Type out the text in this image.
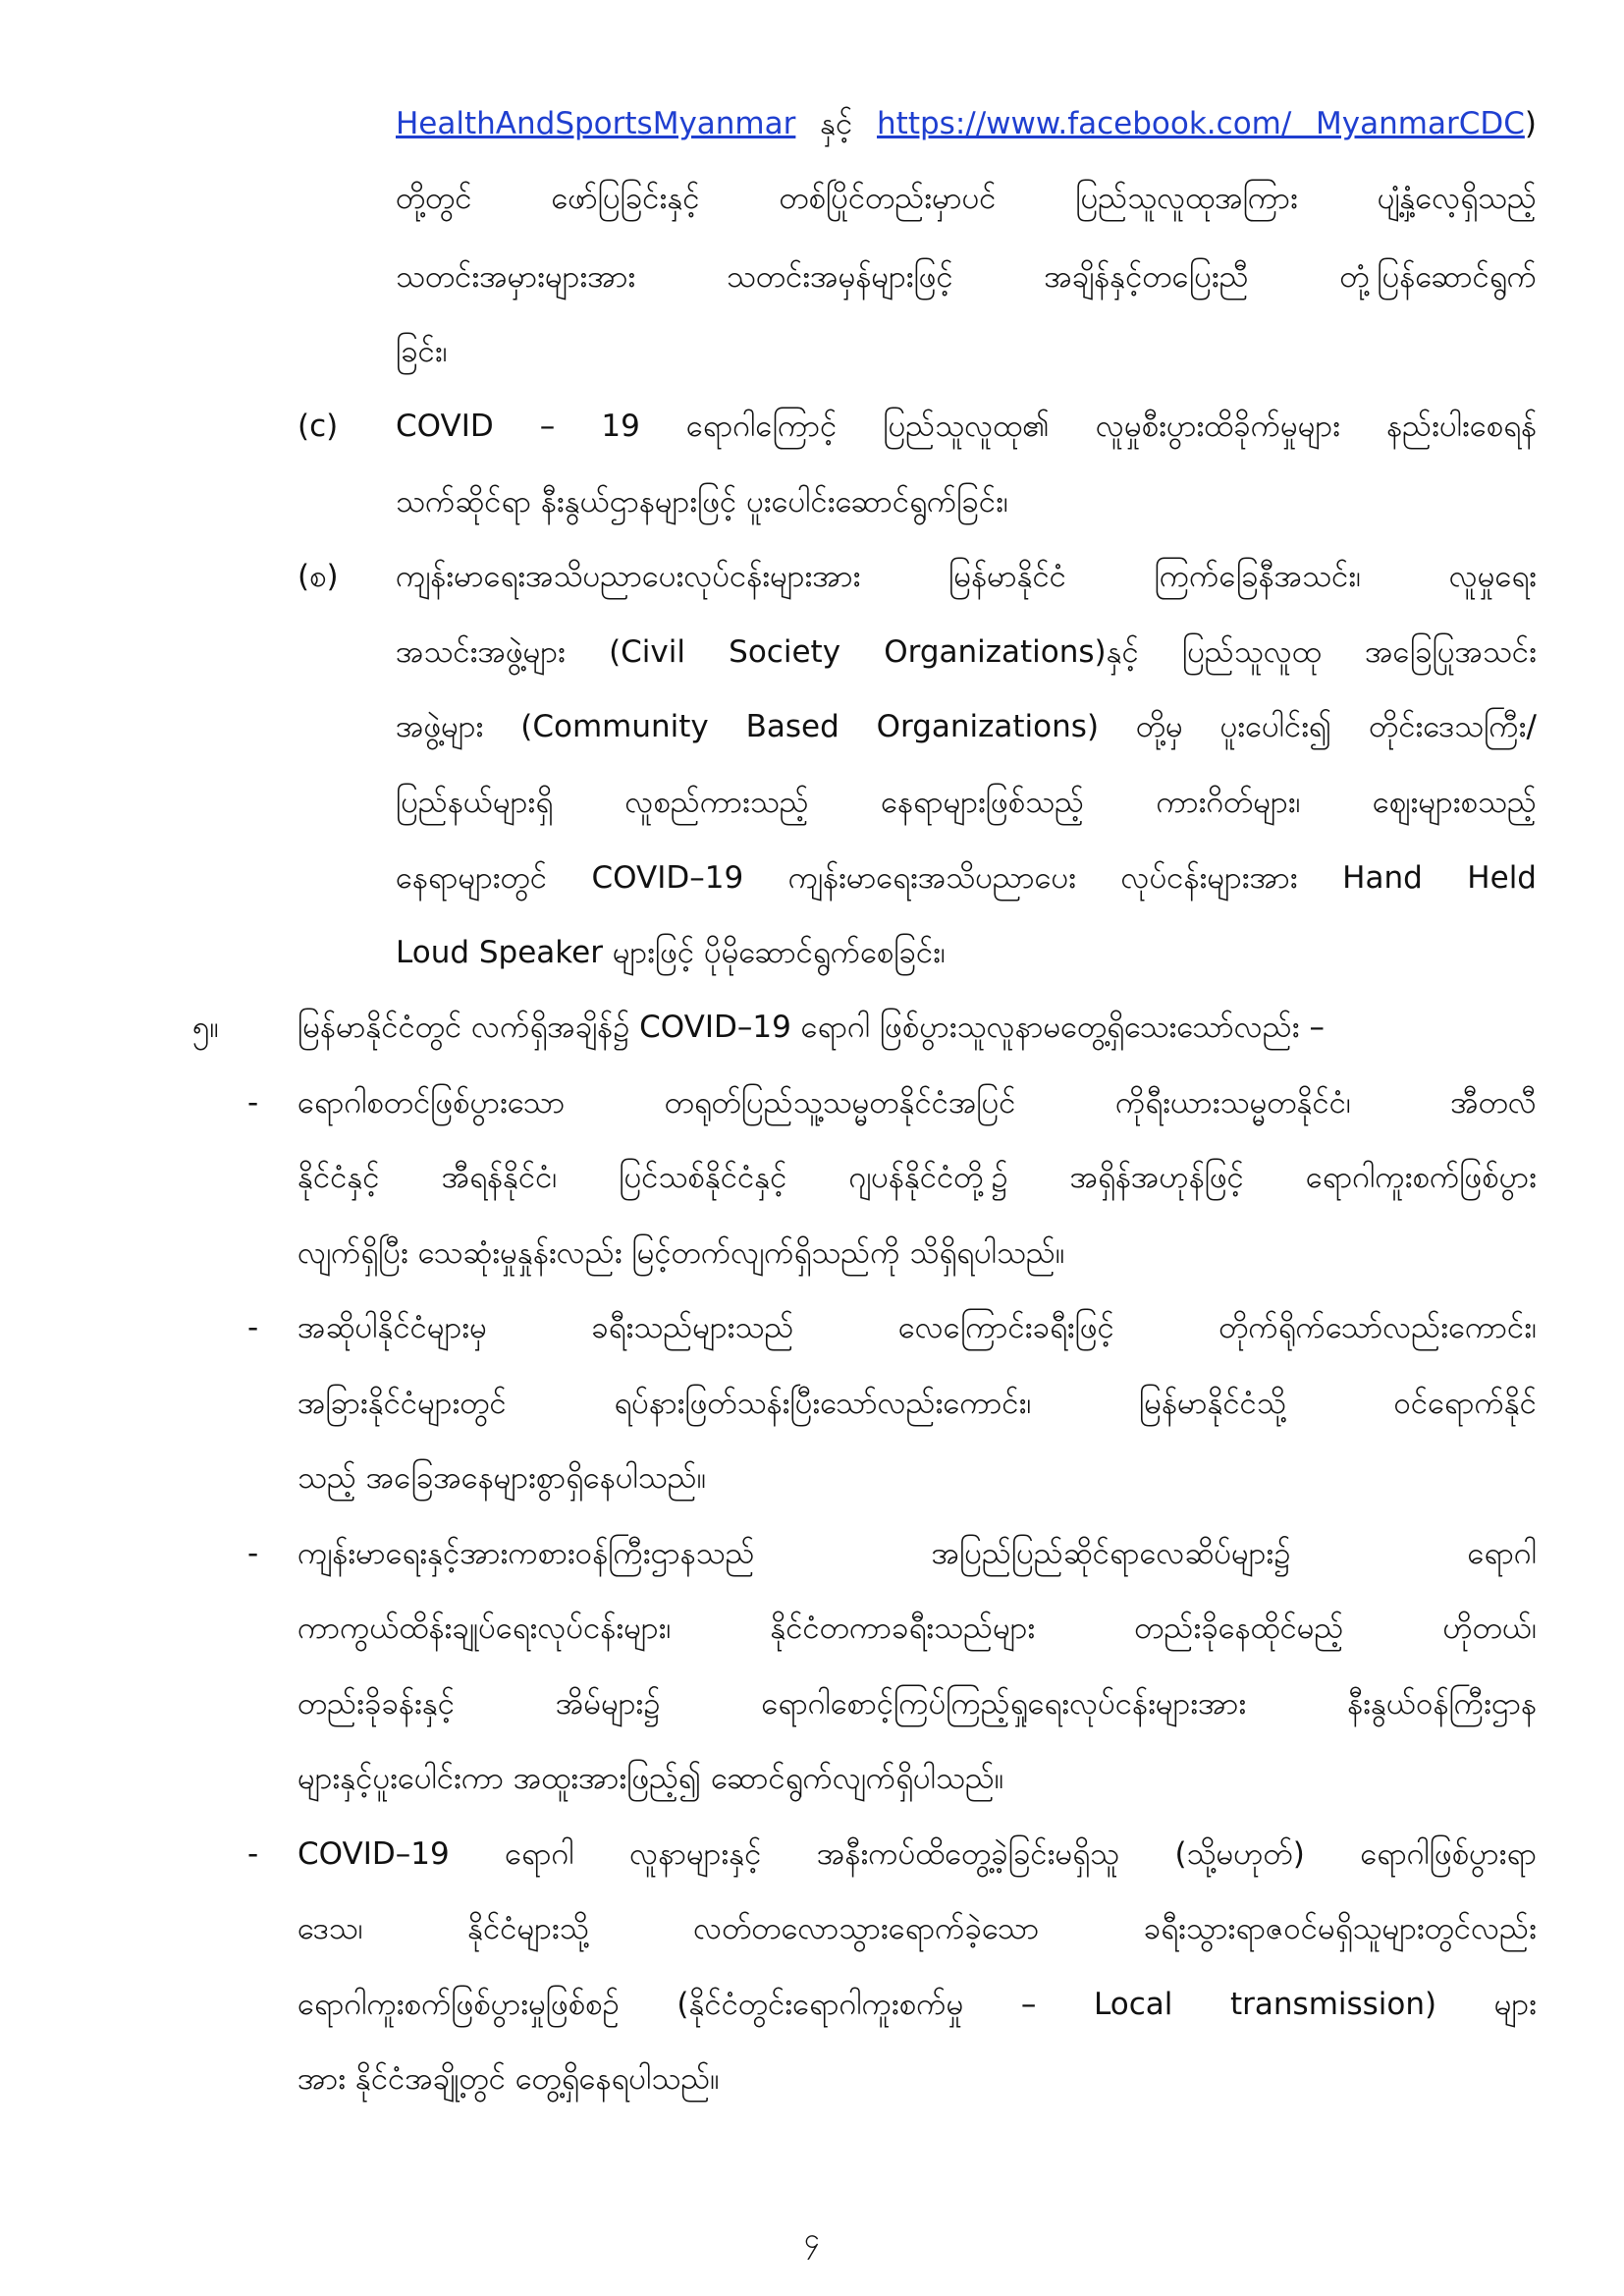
HealthAndSportsMyanmar နှင့် https://www.facebook.com/ MyanmarCDC)
တို့တွင် ဖော်ပြခြင်းနှင့် တစ်ပြိုင်တည်းမှာပင် ပြည်သူလူထုအကြား ပျံ့နှံ့လေ့ရှိသည့်
သတင်းအမှားများအား သတင်းအမှန်များဖြင့် အချိန်နှင့်တပြေးညီ တုံ့ပြန်ဆောင်ရွက်
ခြင်း၊
(c) COVID – 19 ရောဂါကြောင့် ပြည်သူလူထု၏ လူမှုစီးပွားထိခိုက်မှုများ နည်းပါးစေရန်
သက်ဆိုင်ရာ နီးနွယ်ဌာနများဖြင့် ပူးပေါင်းဆောင်ရွက်ခြင်း၊
(စ) ကျန်းမာရေးအသိပညာပေးလုပ်ငန်းများအား မြန်မာနိုင်ငံ ကြက်ခြေနီအသင်း၊ လူမှုရေး
အသင်းအဖွဲ့များ (Civil Society Organizations)နှင့် ပြည်သူလူထု အခြေပြုအသင်း
အဖွဲ့များ (Community Based Organizations) တို့မှ ပူးပေါင်း၍ တိုင်းဒေသကြီး/
ပြည်နယ်များရှိ လူစည်ကားသည့် နေရာများဖြစ်သည့် ကားဂိတ်များ၊ ဈေးများစသည့်
နေရာများတွင် COVID–19 ကျန်းမာရေးအသိပညာပေး လုပ်ငန်းများအား Hand Held
Loud Speaker များဖြင့် ပိုမိုဆောင်ရွက်စေခြင်း၊
၅။	မြန်မာနိုင်ငံတွင် လက်ရှိအချိန်၌ COVID–19 ရောဂါ ဖြစ်ပွားသူလူနာမတွေ့ရှိသေးသော်လည်း –
- ရောဂါစတင်ဖြစ်ပွားသော တရုတ်ပြည်သူ့သမ္မတနိုင်ငံအပြင် ကိုရီးယားသမ္မတနိုင်ငံ၊ အီတလီ
နိုင်ငံနှင့် အီရန်နိုင်ငံ၊ ပြင်သစ်နိုင်ငံနှင့် ဂျပန်နိုင်ငံတို့၌ အရှိန်အဟုန်ဖြင့် ရောဂါကူးစက်ဖြစ်ပွား
လျက်ရှိပြီး သေဆုံးမှုနှုန်းလည်း မြင့်တက်လျက်ရှိသည်ကို သိရှိရပါသည်။
- အဆိုပါနိုင်ငံများမှ ခရီးသည်များသည် လေကြောင်းခရီးဖြင့် တိုက်ရိုက်သော်လည်းကောင်း၊
အခြားနိုင်ငံများတွင် ရပ်နားဖြတ်သန်းပြီးသော်လည်းကောင်း၊ မြန်မာနိုင်ငံသို့ ဝင်ရောက်နိုင်
သည့် အခြေအနေများစွာရှိနေပါသည်။
- ကျန်းမာရေးနှင့်အားကစားဝန်ကြီးဌာနသည် အပြည်ပြည်ဆိုင်ရာလေဆိပ်များ၌ ရောဂါ
ကာကွယ်ထိန်းချုပ်ရေးလုပ်ငန်းများ၊ နိုင်ငံတကာခရီးသည်များ တည်းခိုနေထိုင်မည့် ဟိုတယ်၊
တည်းခိုခန်းနှင့် အိမ်များ၌ ရောဂါစောင့်ကြပ်ကြည့်ရှုရေးလုပ်ငန်းများအား နီးနွယ်ဝန်ကြီးဌာန
များနှင့်ပူးပေါင်းကာ အထူးအားဖြည့်၍ ဆောင်ရွက်လျက်ရှိပါသည်။
- COVID–19 ရောဂါ လူနာများနှင့် အနီးကပ်ထိတွေ့ခဲ့ခြင်းမရှိသူ (သို့မဟုတ်) ရောဂါဖြစ်ပွားရာ
ဒေသ၊ နိုင်ငံများသို့ လတ်တလောသွားရောက်ခဲ့သော ခရီးသွားရာဇဝင်မရှိသူများတွင်လည်း
ရောဂါကူးစက်ဖြစ်ပွားမှုဖြစ်စဉ် (နိုင်ငံတွင်းရောဂါကူးစက်မှု – Local transmission) များ
အား နိုင်ငံအချို့တွင် တွေ့ရှိနေရပါသည်။
၄
